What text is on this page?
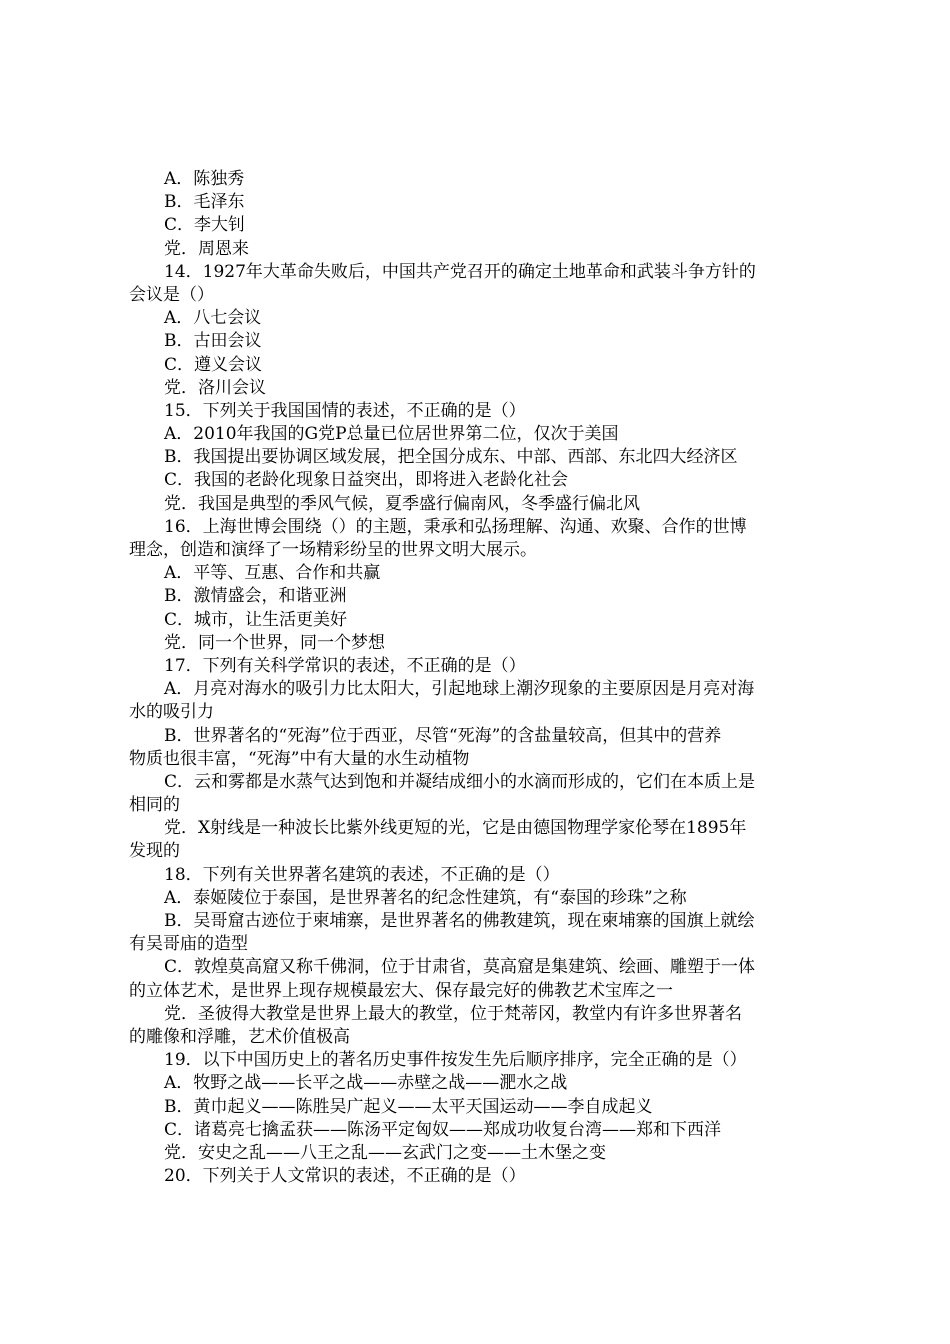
A．陈独秀
B．毛泽东
C．李大钊
党．周恩来
14．1927年大革命失败后，中国共产党召开的确定土地革命和武装斗争方针的
会议是（）
A．八七会议
B．古田会议
C．遵义会议
党．洛川会议
15．下列关于我国国情的表述，不正确的是（）
A．2010年我国的G党P总量已位居世界第二位，仅次于美国
B．我国提出要协调区域发展，把全国分成东、中部、西部、东北四大经济区
C．我国的老龄化现象日益突出，即将进入老龄化社会
党．我国是典型的季风气候，夏季盛行偏南风，冬季盛行偏北风
16．上海世博会围绕（）的主题，秉承和弘扬理解、沟通、欢聚、合作的世博
理念，创造和演绎了一场精彩纷呈的世界文明大展示。
A．平等、互惠、合作和共赢
B．激情盛会，和谐亚洲
C．城市，让生活更美好
党．同一个世界，同一个梦想
17．下列有关科学常识的表述，不正确的是（）
A．月亮对海水的吸引力比太阳大，引起地球上潮汐现象的主要原因是月亮对海
水的吸引力
B．世界著名的“死海”位于西亚，尽管“死海”的含盐量较高，但其中的营养
物质也很丰富，“死海”中有大量的水生动植物
C．云和雾都是水蒸气达到饱和并凝结成细小的水滴而形成的，它们在本质上是
相同的
党．X射线是一种波长比紫外线更短的光，它是由德国物理学家伦琴在1895年
发现的
18．下列有关世界著名建筑的表述，不正确的是（）
A．泰姬陵位于泰国，是世界著名的纪念性建筑，有“泰国的珍珠”之称
B．吴哥窟古迹位于柬埔寨，是世界著名的佛教建筑，现在柬埔寨的国旗上就绘
有吴哥庙的造型
C．敦煌莫高窟又称千佛洞，位于甘肃省，莫高窟是集建筑、绘画、雕塑于一体
的立体艺术，是世界上现存规模最宏大、保存最完好的佛教艺术宝库之一
党．圣彼得大教堂是世界上最大的教堂，位于梵蒂冈，教堂内有许多世界著名
的雕像和浮雕，艺术价值极高
19．以下中国历史上的著名历史事件按发生先后顺序排序，完全正确的是（）
A．牧野之战——长平之战——赤壁之战——淝水之战
B．黄巾起义——陈胜吴广起义——太平天国运动——李自成起义
C．诸葛亮七擒孟获——陈汤平定匈奴——郑成功收复台湾——郑和下西洋
党．安史之乱——八王之乱——玄武门之变——土木堡之变
20．下列关于人文常识的表述，不正确的是（）
